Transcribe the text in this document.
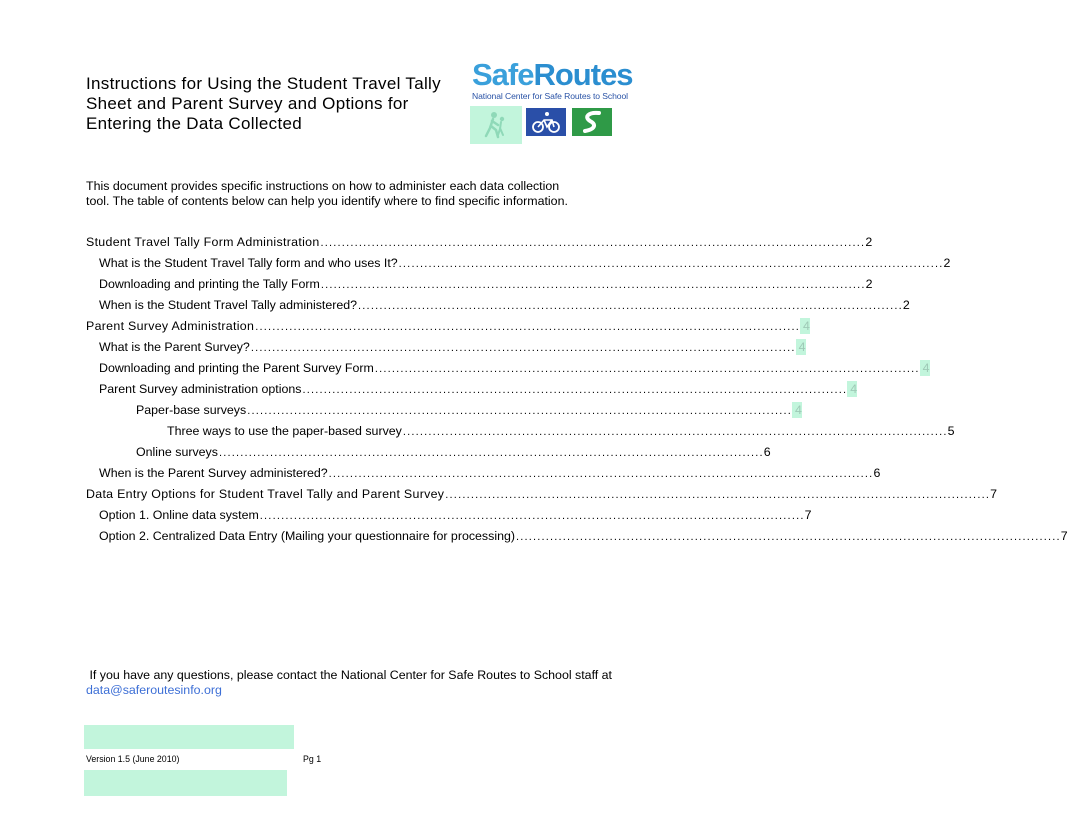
Instructions for Using the Student Travel Tally
Sheet and Parent Survey and Options for
Entering the Data Collected
SafeRoutes
National Center for Safe Routes to School
This document provides specific instructions on how to administer each data collection
tool. The table of contents below can help you identify where to find specific information.
Student Travel Tally Form Administration ................................................................................................................................ 2
What is the Student Travel Tally form and who uses It? ................................................................................................................................ 2
Downloading and printing the Tally Form ................................................................................................................................ 2
When is the Student Travel Tally administered? ................................................................................................................................ 2
Parent Survey Administration ................................................................................................................................ 4
What is the Parent Survey? ................................................................................................................................ 4
Downloading and printing the Parent Survey Form ................................................................................................................................ 4
Parent Survey administration options ................................................................................................................................ 4
Paper-base surveys ................................................................................................................................ 4
Three ways to use the paper-based survey ................................................................................................................................ 5
Online surveys ................................................................................................................................ 6
When is the Parent Survey administered? ................................................................................................................................ 6
Data Entry Options for Student Travel Tally and Parent Survey ................................................................................................................................ 7
Option 1. Online data system ................................................................................................................................ 7
Option 2. Centralized Data Entry (Mailing your questionnaire for processing) ................................................................................................................................ 7
If you have any questions, please contact the National Center for Safe Routes to School staff at
data@saferoutesinfo.org
Version 1.5 (June 2010)	Pg 1
